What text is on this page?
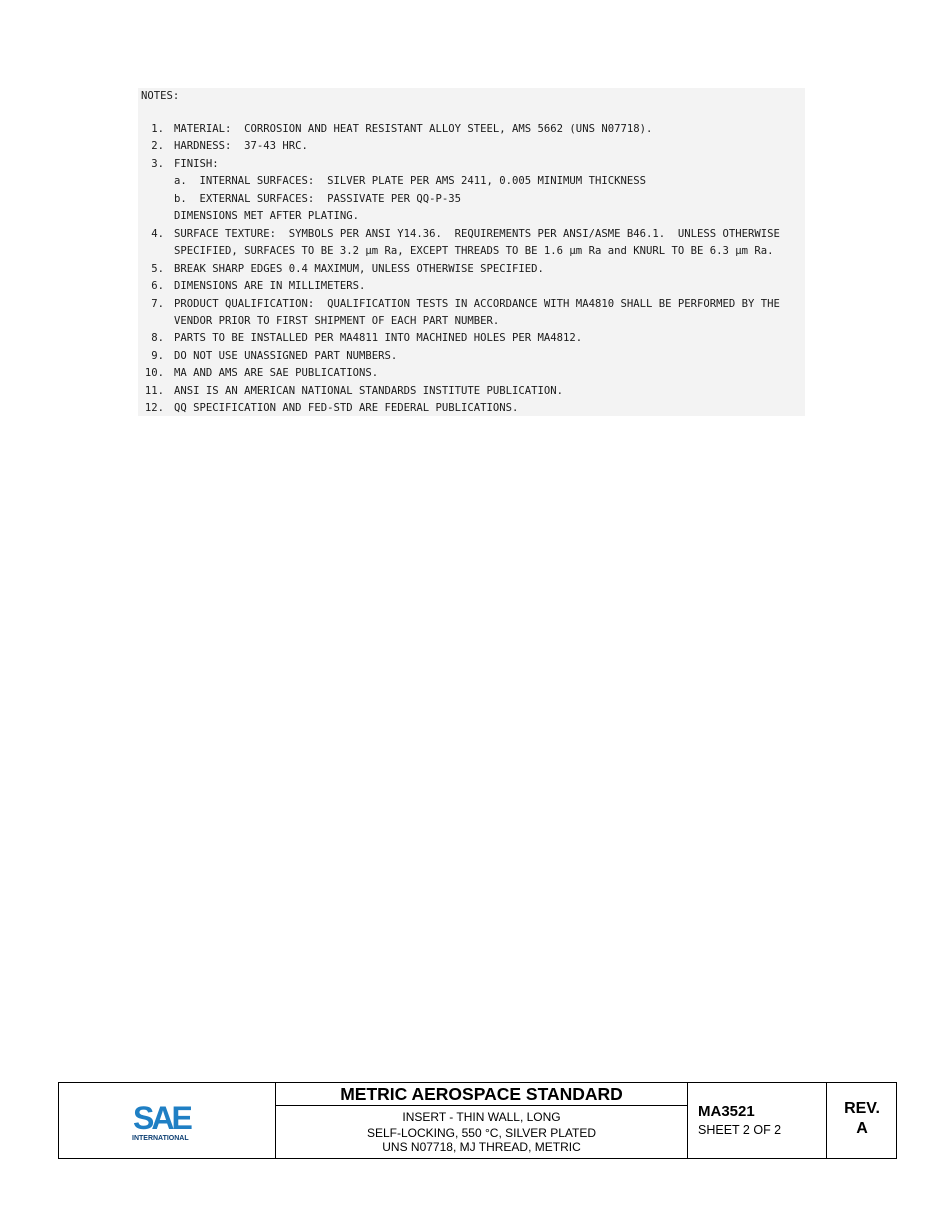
NOTES:
1. MATERIAL:  CORROSION AND HEAT RESISTANT ALLOY STEEL, AMS 5662 (UNS N07718).
2. HARDNESS:  37-43 HRC.
3. FINISH:
a.  INTERNAL SURFACES:  SILVER PLATE PER AMS 2411, 0.005 MINIMUM THICKNESS
b.  EXTERNAL SURFACES:  PASSIVATE PER QQ-P-35
DIMENSIONS MET AFTER PLATING.
4. SURFACE TEXTURE:  SYMBOLS PER ANSI Y14.36.  REQUIREMENTS PER ANSI/ASME B46.1.  UNLESS OTHERWISE
SPECIFIED, SURFACES TO BE 3.2 µm Ra, EXCEPT THREADS TO BE 1.6 µm Ra and KNURL TO BE 6.3 µm Ra.
5. BREAK SHARP EDGES 0.4 MAXIMUM, UNLESS OTHERWISE SPECIFIED.
6. DIMENSIONS ARE IN MILLIMETERS.
7. PRODUCT QUALIFICATION:  QUALIFICATION TESTS IN ACCORDANCE WITH MA4810 SHALL BE PERFORMED BY THE
VENDOR PRIOR TO FIRST SHIPMENT OF EACH PART NUMBER.
8. PARTS TO BE INSTALLED PER MA4811 INTO MACHINED HOLES PER MA4812.
9. DO NOT USE UNASSIGNED PART NUMBERS.
10. MA AND AMS ARE SAE PUBLICATIONS.
11. ANSI IS AN AMERICAN NATIONAL STANDARDS INSTITUTE PUBLICATION.
12. QQ SPECIFICATION AND FED-STD ARE FEDERAL PUBLICATIONS.
SAE
INTERNATIONAL
METRIC AEROSPACE STANDARD
INSERT - THIN WALL, LONG
SELF-LOCKING, 550 °C, SILVER PLATED
UNS N07718, MJ THREAD, METRIC
MA3521
SHEET 2 OF 2
REV.
A
